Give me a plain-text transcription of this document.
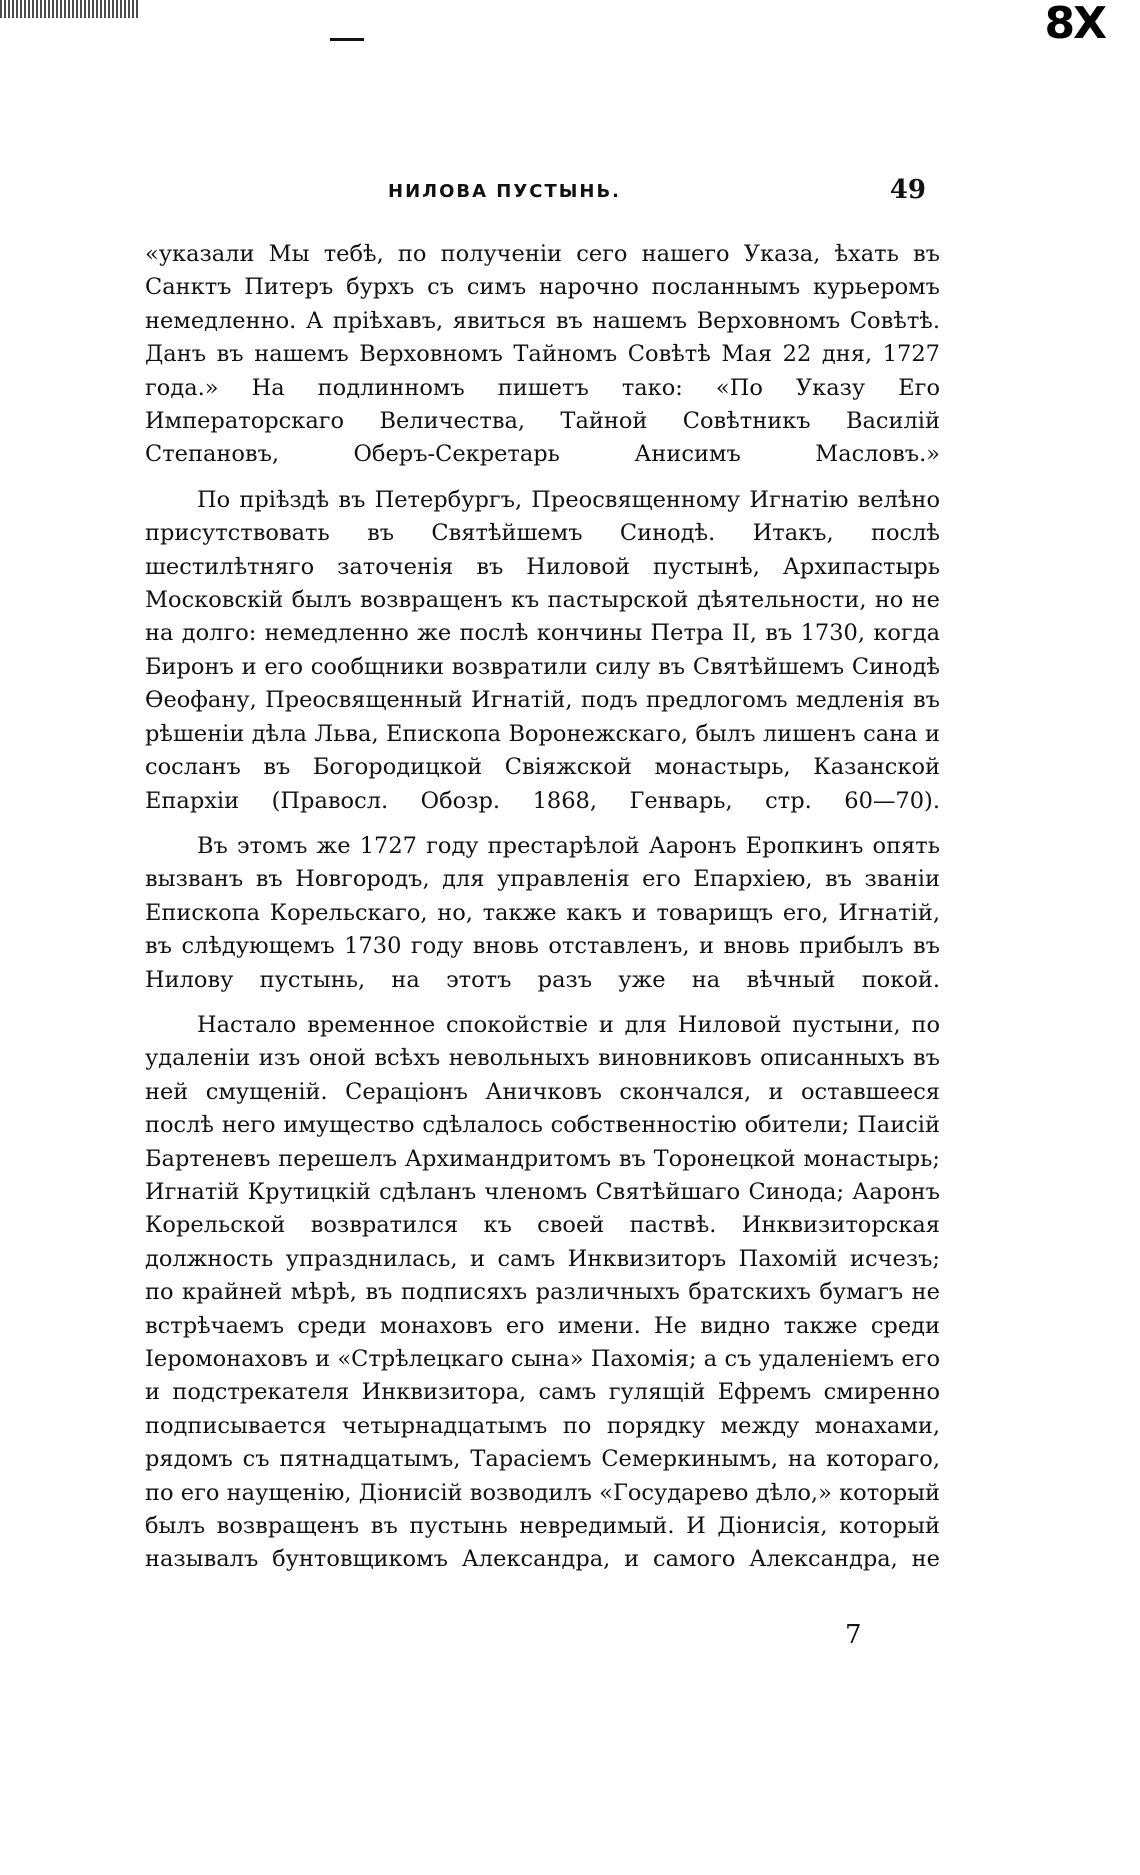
8X
НИЛОВА ПУСТЫНЬ.	49

«указали Мы тебѣ, по полученіи сего нашего Указа, ѣхать въ Санктъ Питеръ бурхъ съ симъ нарочно посланнымъ курьеромъ немедленно. А пріѣхавъ, явиться въ нашемъ Верховномъ Совѣтѣ. Данъ въ нашемъ Верховномъ Тайномъ Совѣтѣ Мая 22 дня, 1727 года.» На подлинномъ пишетъ тако: «По Указу Его Императорскаго Величества, Тайной Совѣтникъ Василій Степановъ, Оберъ-Секретарь Анисимъ Масловъ.»

По пріѣздѣ въ Петербургъ, Преосвященному Игнатію велѣно присутствовать въ Святѣйшемъ Синодѣ. Итакъ, послѣ шестилѣтняго заточенія въ Ниловой пустынѣ, Архипастырь Московскій былъ возвращенъ къ пастырской дѣятельности, но не на долго: немедленно же послѣ кончины Петра II, въ 1730, когда Биронъ и его сообщники возвратили силу въ Святѣйшемъ Синодѣ Ѳеофану, Преосвященный Игнатій, подъ предлогомъ медленія въ рѣшеніи дѣла Льва, Епископа Воронежскаго, былъ лишенъ сана и сосланъ въ Богородицкой Свіяжской монастырь, Казанской Епархіи (Правосл. Обозр. 1868, Генварь, стр. 60—70).

Въ этомъ же 1727 году престарѣлой Ааронъ Еропкинъ опять вызванъ въ Новгородъ, для управленія его Епархіею, въ званіи Епископа Корельскаго, но, также какъ и товарищъ его, Игнатій, въ слѣдующемъ 1730 году вновь отставленъ, и вновь прибылъ въ Нилову пустынь, на этотъ разъ уже на вѣчный покой.

Настало временное спокойствіе и для Ниловой пустыни, по удаленіи изъ оной всѣхъ невольныхъ виновниковъ описанныхъ въ ней смущеній. Сераціонъ Аничковъ скончался, и оставшееся послѣ него имущество сдѣлалось собственностію обители; Паисій Бартеневъ перешелъ Архимандритомъ въ Торонецкой монастырь; Игнатій Крутицкій сдѣланъ членомъ Святѣйшаго Синода; Ааронъ Корельской возвратился къ своей паствѣ. Инквизиторская должность упразднилась, и самъ Инквизиторъ Пахомій исчезъ; по крайней мѣрѣ, въ подписяхъ различныхъ братскихъ бумагъ не встрѣчаемъ среди монаховъ его имени. Не видно также среди Іеромонаховъ и «Стрѣлецкаго сына» Пахомія; а съ удаленіемъ его и подстрекателя Инквизитора, самъ гулящій Ефремъ смиренно подписывается четырнадцатымъ по порядку между монахами, рядомъ съ пятнадцатымъ, Тарасіемъ Семеркинымъ, на котораго, по его наущенію, Діонисій возводилъ «Государево дѣло,» который былъ возвращенъ въ пустынь невредимый. И Діонисія, который называлъ бунтовщикомъ Александра, и самого Александра, не

7
